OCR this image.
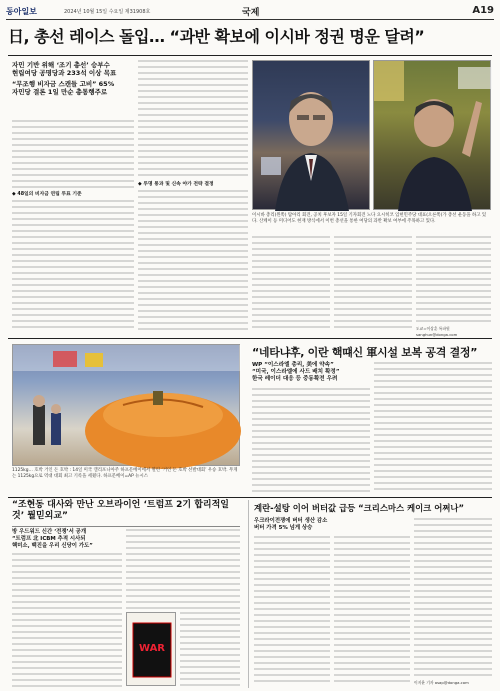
동아일보	2024년 10월 15일 수요일 제31908호	국제	A19
日, 총선 레이스 돌입… “과반 확보에 이시바 정권 명운 달려”
자민 기반 위해 ‘조기 총선’ 승부수
현립여당 공명당과 233석 이상 목표
“무조행 비자금 스캔들 고비” 65%
자민당 결론 1일 만순 총통행주로
◆ 48일의 비자금 연립 투표 기준
◆ 투명 통과 및 신속 야가 전략 결정
이시바 총리(왼쪽) 탑아리 회견, 공치 후보자 15일 기자회견 노다 요시히코 입헌민주당 대표(오른쪽)가 총선 운동을 하고 있다. 산케이 등 미디어도 현재 방식에서 이번 총선을 통한 여당의 과반 확보 여부에 주목하고 있다.
도쿄=이상훈 특파원 sanghun@donga.com
1125kg… 호박 거인 돈 호박 : 14일 미국 캘리포니아주 하프문베이에서 열린 ‘거인 돈 호박 선발대회’ 우승 호박. 무게는 1125kg으로 역대 대회 최고 기록을 세웠다. 하프문베이=AP 뉴시스
“네타냐후, 이란 핵떄신 軍시설 보복 공격 결정”
WP “이스라엘 총리, 美에 약속”
“미국, 이스라엘에 사드 배치 확정”
한국 레이더 대응 등 중동확전 우려
“조현동 대사와 만난 오브라이언 ‘트럼프 2기 합리적일것’ 뭘믿외교”
방 우드워드 신간 ‘전쟁’서 공개
“트럼프 北 ICBM 추적 시사되
핵미소, 백진을 우리 신당이 가도”
WAR
계란-설탕 이어 버터값 급등 “크리스마스 케이크 어쩌나”
우크라이전쟁에 버터 생산 감소
버터 가격 5% 넘게 상승
이지윤 기자 asap@donga.com
